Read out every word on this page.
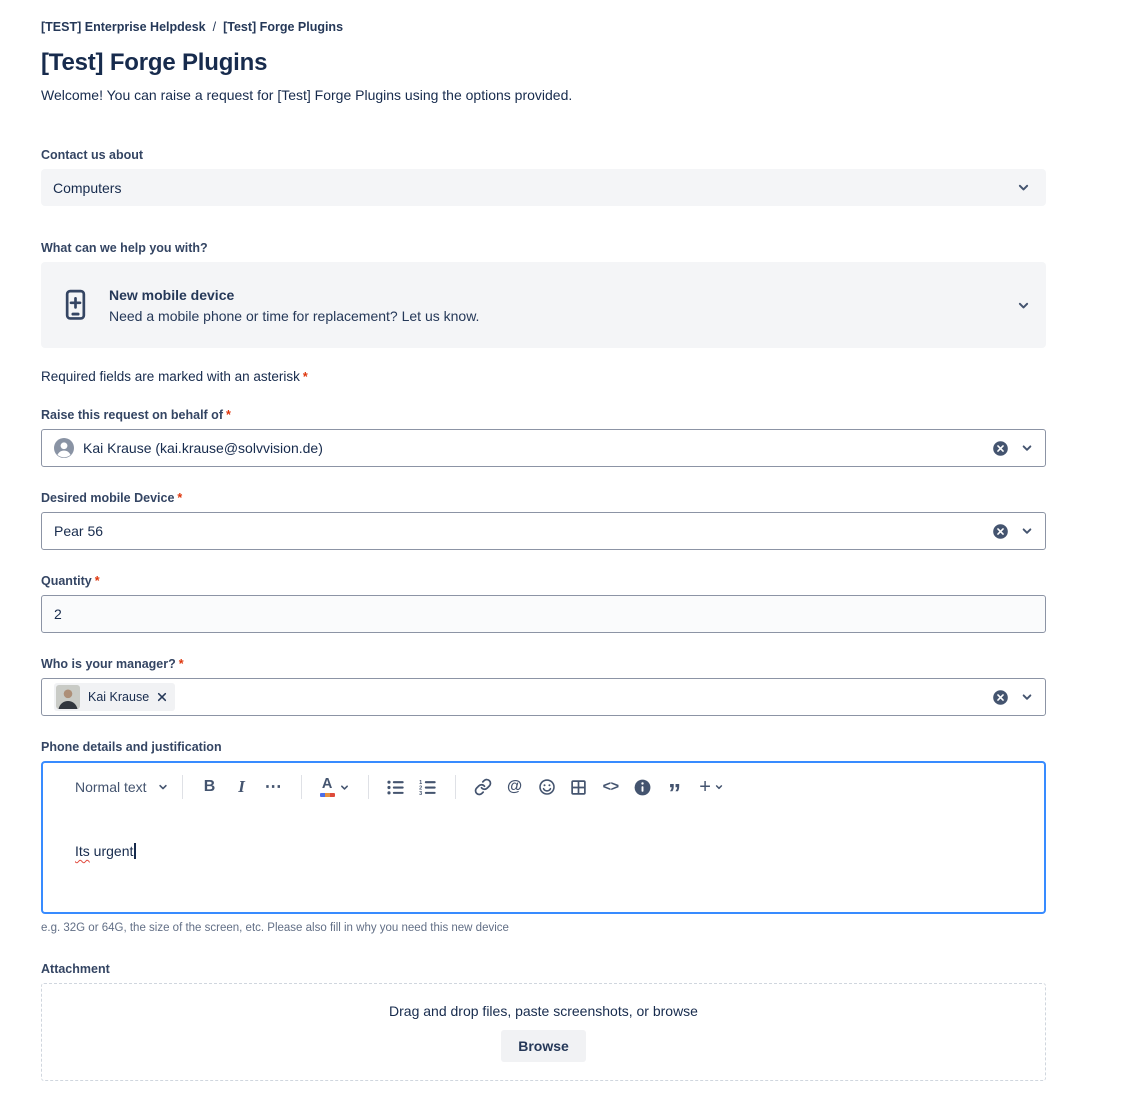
[TEST] Enterprise Helpdesk / [Test] Forge Plugins
[Test] Forge Plugins
Welcome! You can raise a request for [Test] Forge Plugins using the options provided.
Contact us about
Computers
What can we help you with?
New mobile device
Need a mobile phone or time for replacement? Let us know.
Required fields are marked with an asterisk *
Raise this request on behalf of *
Kai Krause (kai.krause@solvvision.de)
Desired mobile Device *
Pear 56
Quantity *
2
Who is your manager? *
Kai Krause
Phone details and justification
Normal text	B	I	⋯	A	1
2
3	@	<>	” +
Its urgent
e.g. 32G or 64G, the size of the screen, etc. Please also fill in why you need this new device
Attachment
Drag and drop files, paste screenshots, or browse
Browse
